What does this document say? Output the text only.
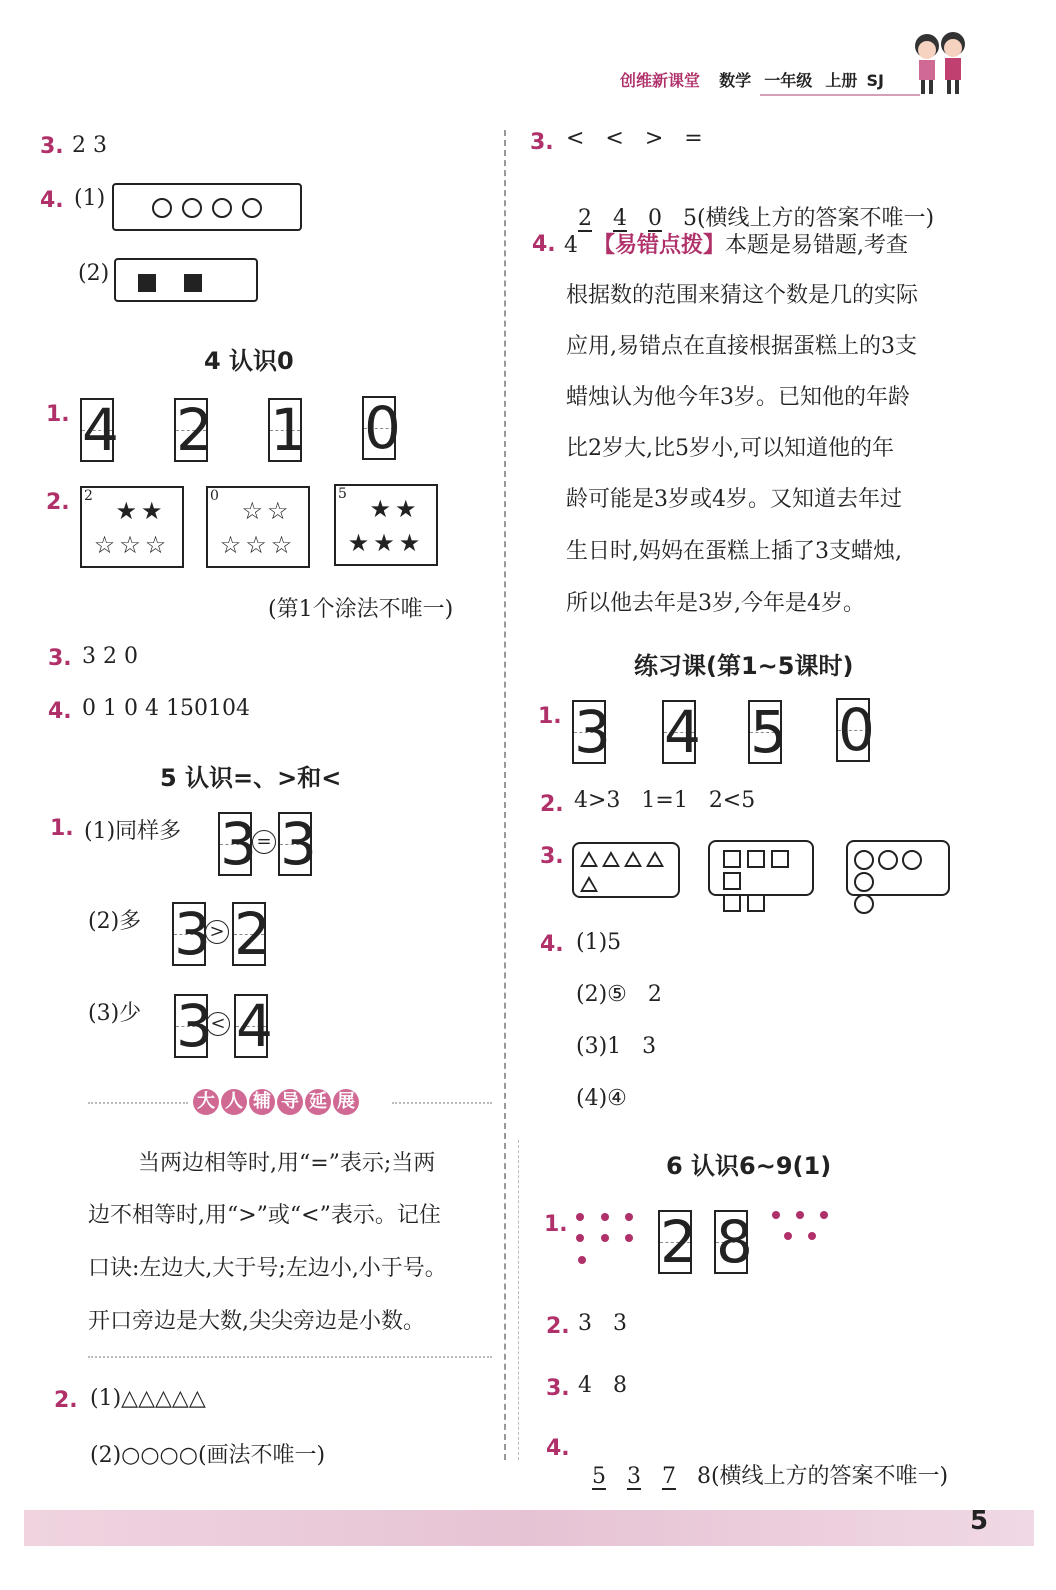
创维新课堂 数学 一年级 上册 SJ
3. 2 3
4. (1)
(2)
4 认识0
1. 4 2 1 0
2. 2
★★
☆☆☆
0
☆☆
☆☆☆
5
★★
★★★
(第1个涂法不唯一)
3. 3 2 0
4. 0 1 0 4 150104
5 认识=、>和<
1. (1)同样多 3 = 3
(2)多 3
> 2
(3)少 3
< 4
大 人 辅 导 延 展
当两边相等时,用“=”表示;当两
边不相等时,用“>”或“<”表示。记住
口诀:左边大,大于号;左边小,小于号。
开口旁边是大数,尖尖旁边是小数。
2. (1)△△△△△
(2)○○○○(画法不唯一)
3. <   <   >   =

2 4 0 5(横线上方的答案不唯一)

4. 4 【易错点拨】本题是易错题,考查
根据数的范围来猜这个数是几的实际
应用,易错点在直接根据蛋糕上的3支
蜡烛认为他今年3岁。已知他的年龄
比2岁大,比5岁小,可以知道他的年
龄可能是3岁或4岁。又知道去年过
生日时,妈妈在蛋糕上插了3支蜡烛,
所以他去年是3岁,今年是4岁。
练习课(第1~5课时)
1. 3 4 5 0
2. 4>3   1=1   2<5
3.

4. (1)5
(2)⑤   2
(3)1   3
(4)④
6 认识6~9(1)
1. 2 8
2. 3   3
3. 4   8
4.

5 3 7 8(横线上方的答案不唯一)

5
